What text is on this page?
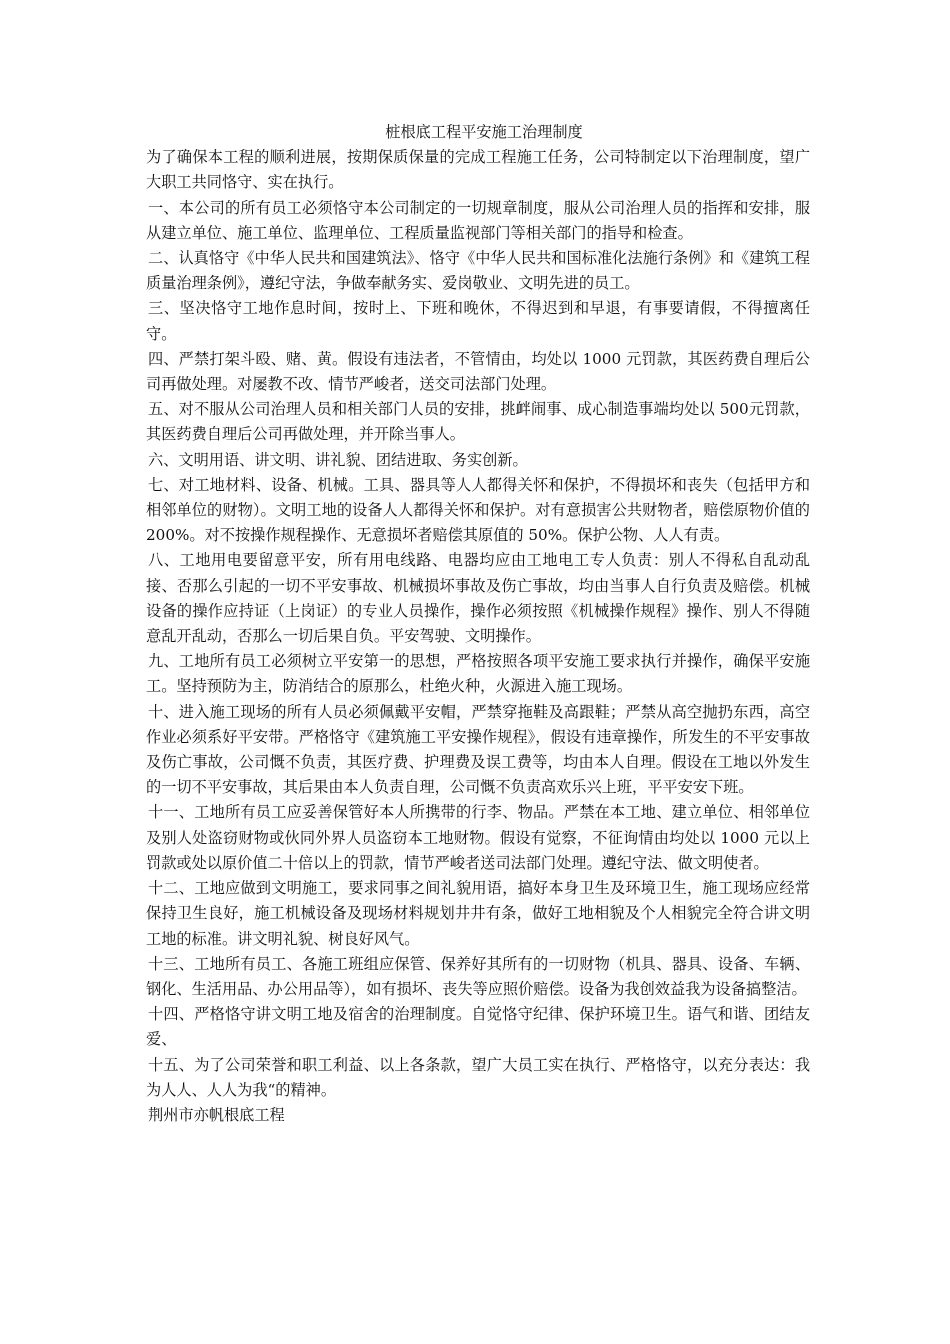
桩根底工程平安施工治理制度

为了确保本工程的顺利进展，按期保质保量的完成工程施工任务，公司特制定以下治理制度，望广大职工共同恪守、实在执行。

一、本公司的所有员工必须恪守本公司制定的一切规章制度，服从公司治理人员的指挥和安排，服从建立单位、施工单位、监理单位、工程质量监视部门等相关部门的指导和检查。

二、认真恪守《中华人民共和国建筑法》、恪守《中华人民共和国标准化法施行条例》和《建筑工程质量治理条例》，遵纪守法，争做奉献务实、爱岗敬业、文明先进的员工。

三、坚决恪守工地作息时间，按时上、下班和晚休，不得迟到和早退，有事要请假，不得擅离任守。

四、严禁打架斗殴、赌、黄。假设有违法者，不管情由，均处以 1000 元罚款，其医药费自理后公司再做处理。对屡教不改、情节严峻者，送交司法部门处理。

五、对不服从公司治理人员和相关部门人员的安排，挑衅闹事、成心制造事端均处以 500元罚款，其医药费自理后公司再做处理，并开除当事人。

六、文明用语、讲文明、讲礼貌、团结进取、务实创新。

七、对工地材料、设备、机械。工具、器具等人人都得关怀和保护，不得损坏和丧失（包括甲方和相邻单位的财物）。文明工地的设备人人都得关怀和保护。对有意损害公共财物者，赔偿原物价值的 200%。对不按操作规程操作、无意损坏者赔偿其原值的 50%。保护公物、人人有责。

八、工地用电要留意平安，所有用电线路、电器均应由工地电工专人负责：别人不得私自乱动乱接、否那么引起的一切不平安事故、机械损坏事故及伤亡事故，均由当事人自行负责及赔偿。机械设备的操作应持证（上岗证）的专业人员操作，操作必须按照《机械操作规程》操作、别人不得随意乱开乱动，否那么一切后果自负。平安驾驶、文明操作。

九、工地所有员工必须树立平安第一的思想，严格按照各项平安施工要求执行并操作，确保平安施工。坚持预防为主，防消结合的原那么，杜绝火种，火源进入施工现场。

十、进入施工现场的所有人员必须佩戴平安帽，严禁穿拖鞋及高跟鞋；严禁从高空抛扔东西，高空作业必须系好平安带。严格恪守《建筑施工平安操作规程》，假设有违章操作，所发生的不平安事故及伤亡事故，公司慨不负责，其医疗费、护理费及误工费等，均由本人自理。假设在工地以外发生的一切不平安事故，其后果由本人负责自理，公司慨不负责高欢乐兴上班，平平安安下班。

十一、工地所有员工应妥善保管好本人所携带的行李、物品。严禁在本工地、建立单位、相邻单位及别人处盗窃财物或伙同外界人员盗窃本工地财物。假设有觉察，不征询情由均处以 1000 元以上罚款或处以原价值二十倍以上的罚款，情节严峻者送司法部门处理。遵纪守法、做文明使者。

十二、工地应做到文明施工，要求同事之间礼貌用语，搞好本身卫生及环境卫生，施工现场应经常保持卫生良好，施工机械设备及现场材料规划井井有条，做好工地相貌及个人相貌完全符合讲文明工地的标准。讲文明礼貌、树良好风气。

十三、工地所有员工、各施工班组应保管、保养好其所有的一切财物（机具、器具、设备、车辆、钢化、生活用品、办公用品等），如有损坏、丧失等应照价赔偿。设备为我创效益我为设备搞整洁。

十四、严格恪守讲文明工地及宿舍的治理制度。自觉恪守纪律、保护环境卫生。语气和谐、团结友爱、

十五、为了公司荣誉和职工利益、以上各条款，望广大员工实在执行、严格恪守，以充分表达：我为人人、人人为我“的精神。

荆州市亦帆根底工程
